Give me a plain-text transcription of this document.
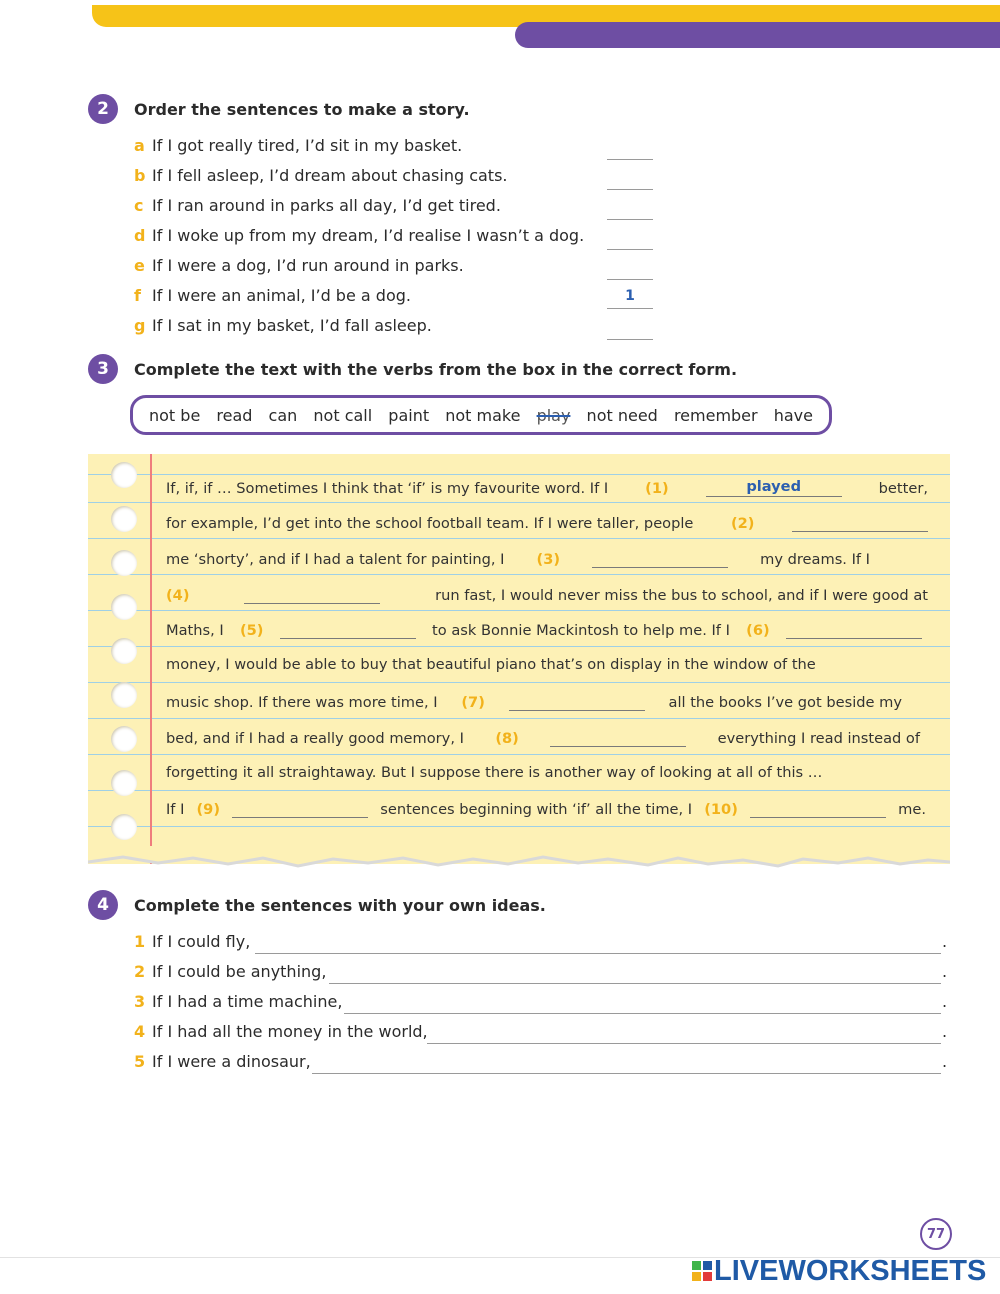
2	Order the sentences to make a story.
a If I got really tired, I’d sit in my basket.
b If I fell asleep, I’d dream about chasing cats.
c If I ran around in parks all day, I’d get tired.
d If I woke up from my dream, I’d realise I wasn’t a dog.
e If I were a dog, I’d run around in parks.
f If I were an animal, I’d be a dog.
g If I sat in my basket, I’d fall asleep.
1
3	Complete the text with the verbs from the box in the correct form.
not be read can not call paint not make play not need remember have
If, if, if … Sometimes I think that ‘if’ is my favourite word. If I	(1)	played	better,
for example, I’d get into the school football team. If I were taller, people	(2)
me ‘shorty’, and if I had a talent for painting, I (3)	my dreams. If I
(4)	run fast, I would never miss the bus to school, and if I were good at
Maths, I (5)	to ask Bonnie Mackintosh to help me. If I (6)
money, I would be able to buy that beautiful piano that’s on display in the window of the
music shop. If there was more time, I (7)	all the books I’ve got beside my
bed, and if I had a really good memory, I (8)	everything I read instead of
forgetting it all straightaway. But I suppose there is another way of looking at all of this …
If I (9)	sentences beginning with ‘if’ all the time, I (10)	me.
4	Complete the sentences with your own ideas.
1 If I could fly,	.
2 If I could be anything,	.
3 If I had a time machine,	.
4 If I had all the money in the world,	.
5 If I were a dinosaur,	.
77
LIVEWORKSHEETS
